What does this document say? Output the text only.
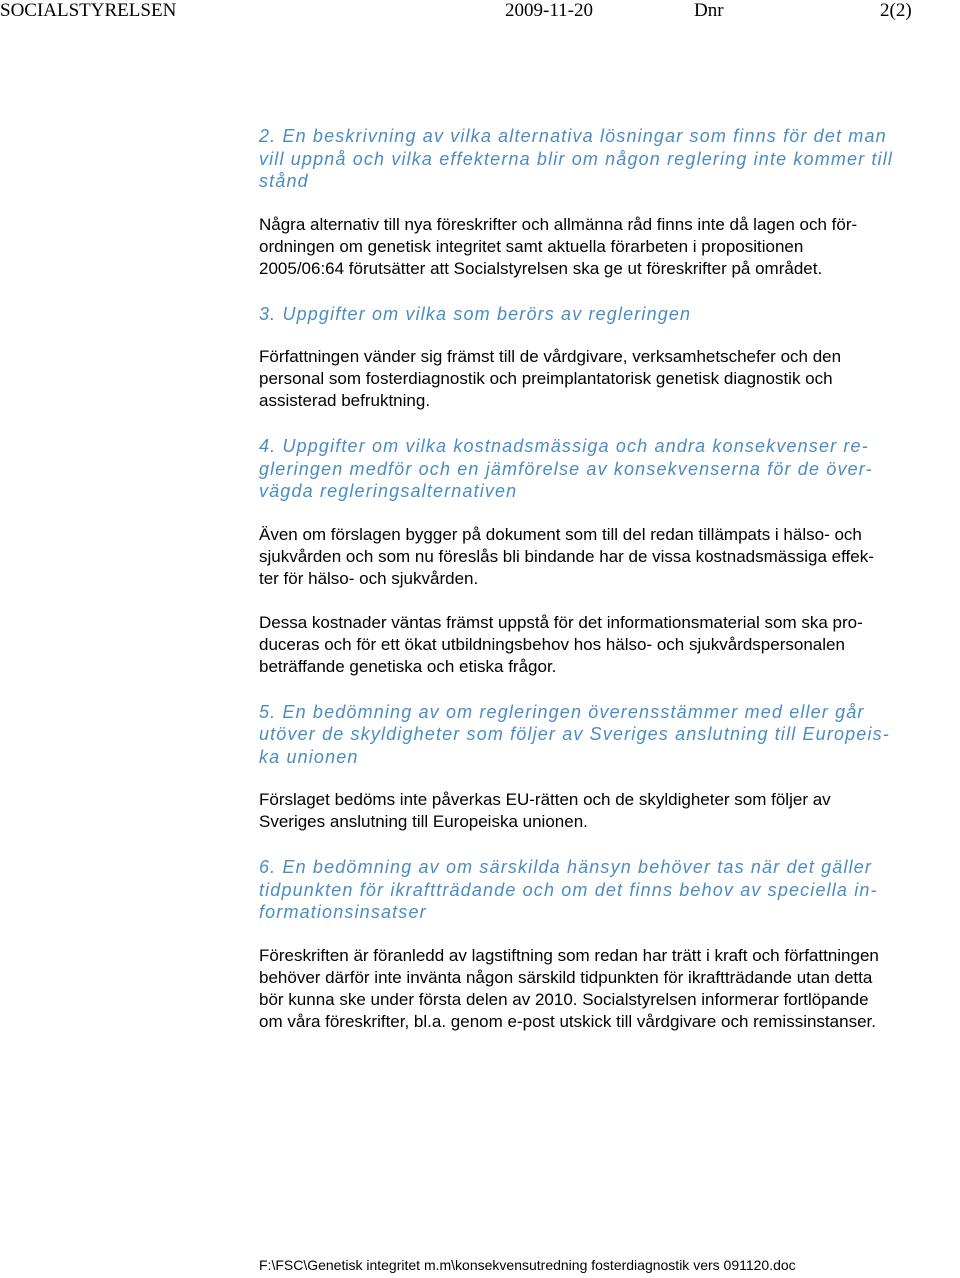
SOCIALSTYRELSEN	2009-11-20	Dnr	2(2)

2. En beskrivning av vilka alternativa lösningar som finns för det man
vill uppnå och vilka effekterna blir om någon reglering inte kommer till
stånd

Några alternativ till nya föreskrifter och allmänna råd finns inte då lagen och för-
ordningen om genetisk integritet samt aktuella förarbeten i propositionen
2005/06:64 förutsätter att Socialstyrelsen ska ge ut föreskrifter på området.

3. Uppgifter om vilka som berörs av regleringen

Författningen vänder sig främst till de vårdgivare, verksamhetschefer och den
personal som fosterdiagnostik och preimplantatorisk genetisk diagnostik och
assisterad befruktning.

4. Uppgifter om vilka kostnadsmässiga och andra konsekvenser re-
gleringen medför och en jämförelse av konsekvenserna för de över-
vägda regleringsalternativen

Även om förslagen bygger på dokument som till del redan tillämpats i hälso- och
sjukvården och som nu föreslås bli bindande har de vissa kostnadsmässiga effek-
ter för hälso- och sjukvården.

Dessa kostnader väntas främst uppstå för det informationsmaterial som ska pro-
duceras och för ett ökat utbildningsbehov hos hälso- och sjukvårdspersonalen
beträffande genetiska och etiska frågor.

5. En bedömning av om regleringen överensstämmer med eller går
utöver de skyldigheter som följer av Sveriges anslutning till Europeis-
ka unionen

Förslaget bedöms inte påverkas EU-rätten och de skyldigheter som följer av
Sveriges anslutning till Europeiska unionen.

6. En bedömning av om särskilda hänsyn behöver tas när det gäller
tidpunkten för ikraftträdande och om det finns behov av speciella in-
formationsinsatser

Föreskriften är föranledd av lagstiftning som redan har trätt i kraft och författningen
behöver därför inte invänta någon särskild tidpunkten för ikraftträdande utan detta
bör kunna ske under första delen av 2010. Socialstyrelsen informerar fortlöpande
om våra föreskrifter, bl.a. genom e-post utskick till vårdgivare och remissinstanser.

F:\FSC\Genetisk integritet m.m\konsekvensutredning fosterdiagnostik vers 091120.doc
